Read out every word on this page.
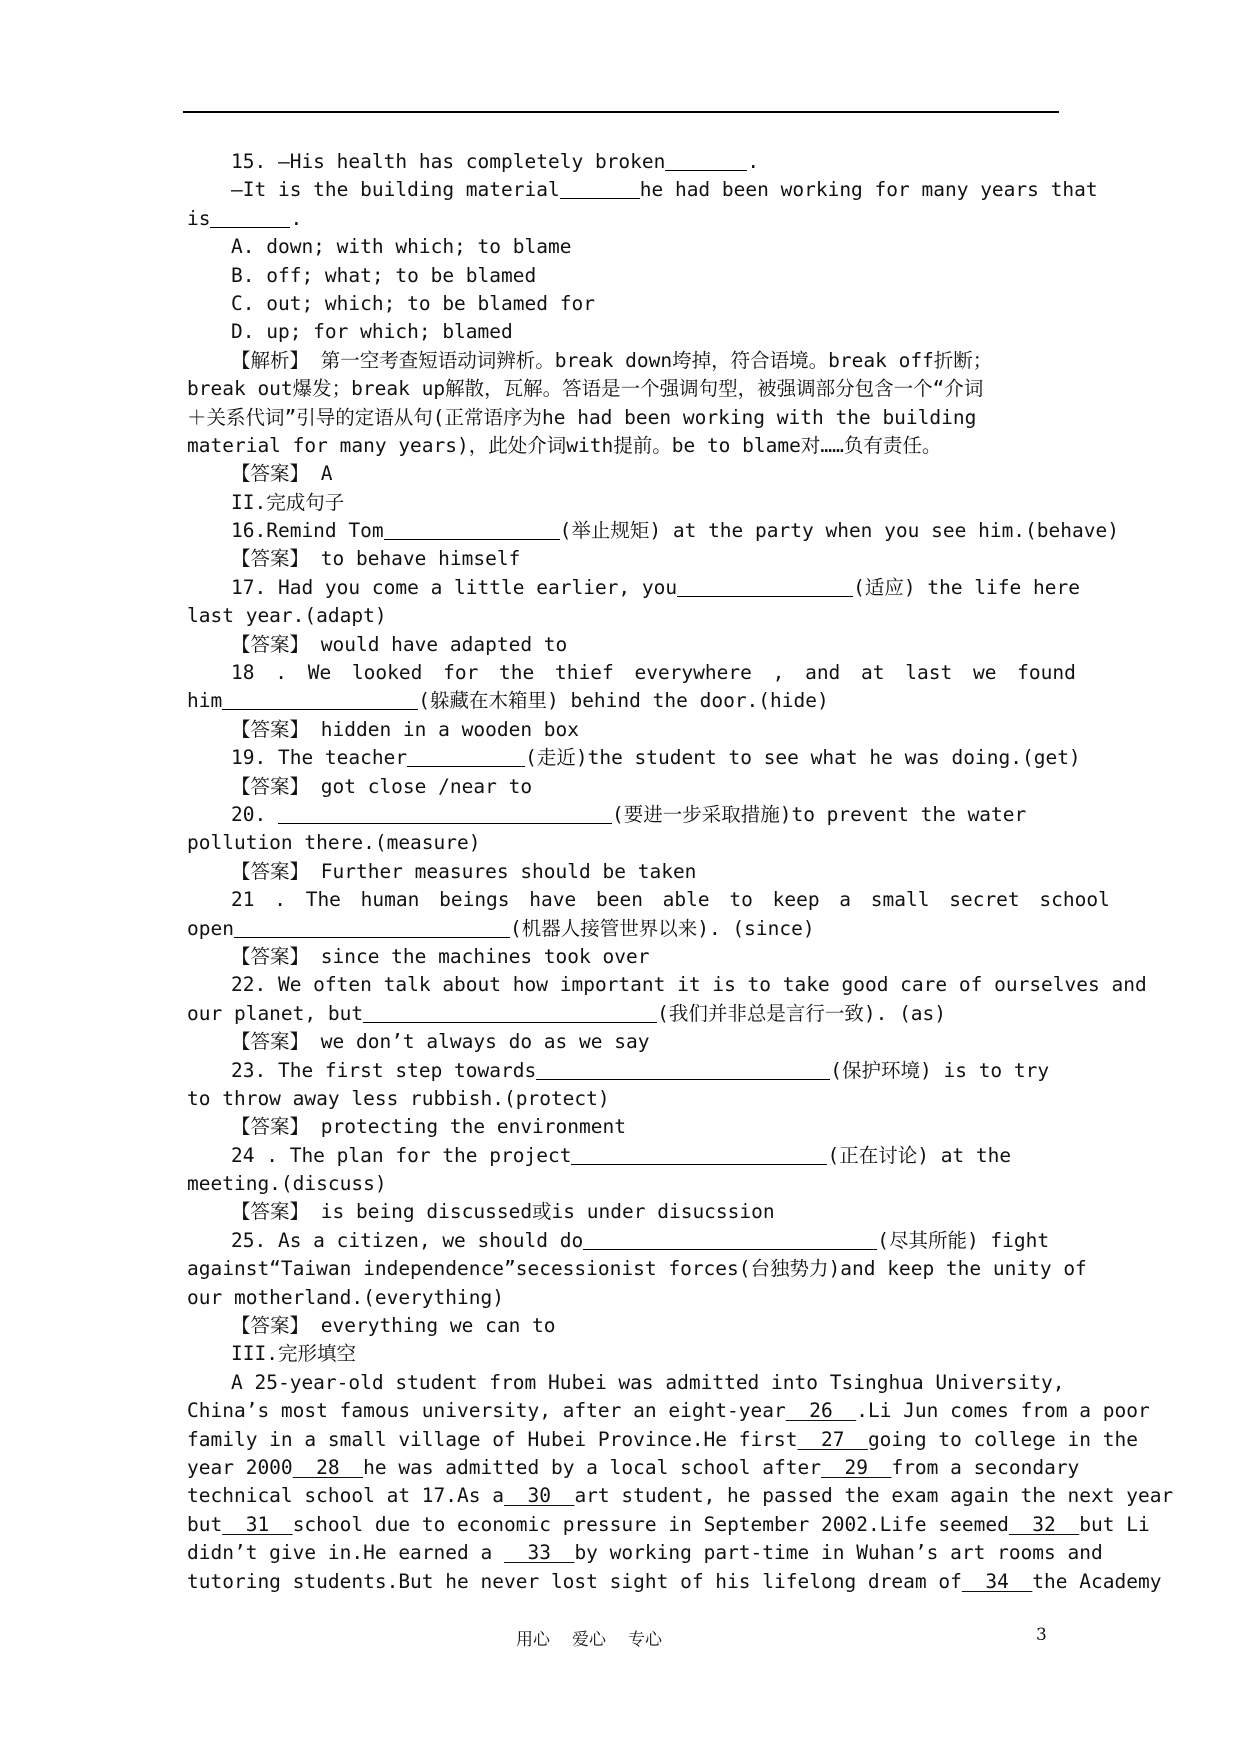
15. —His health has completely broken	.
—It is the building material	he had been working for many years that
is	.
A. down; with which; to blame
B. off; what; to be blamed
C. out; which; to be blamed for
D. up; for which; blamed
【解析】 第一空考查短语动词辨析。break down垮掉，符合语境。break off折断；
break out爆发；break up解散，瓦解。答语是一个强调句型，被强调部分包含一个“介词
＋关系代词”引导的定语从句(正常语序为he had been working with the building
material for many years)，此处介词with提前。be to blame对……负有责任。
【答案】 A
II.完成句子
16.Remind Tom	(举止规矩) at the party when you see him.(behave)
【答案】 to behave himself
17. Had you come a little earlier, you	(适应) the life here
last year.(adapt)
【答案】 would have adapted to
18 . We looked for the thief everywhere , and at last we found
him	(躲藏在木箱里) behind the door.(hide)
【答案】 hidden in a wooden box
19. The teacher	(走近)the student to see what he was doing.(get)
【答案】 got close /near to
20.	(要进一步采取措施)to prevent the water
pollution there.(measure)
【答案】 Further measures should be taken
21 . The human beings have been able to keep a small secret school
open	(机器人接管世界以来). (since)
【答案】 since the machines took over
22. We often talk about how important it is to take good care of ourselves and
our planet, but	(我们并非总是言行一致). (as)
【答案】 we don’t always do as we say
23. The first step towards	(保护环境) is to try
to throw away less rubbish.(protect)
【答案】 protecting the environment
24 . The plan for the project	(正在讨论) at the
meeting.(discuss)
【答案】 is being discussed或is under disucssion
25. As a citizen, we should do	(尽其所能) fight
against“Taiwan independence”secessionist forces(台独势力)and keep the unity of
our motherland.(everything)
【答案】 everything we can to
III.完形填空
A 25-year-old student from Hubei was admitted into Tsinghua University,
China’s most famous university, after an eight-year  26  .Li Jun comes from a poor
family in a small village of Hubei Province.He first  27  going to college in the
year 2000  28  he was admitted by a local school after  29  from a secondary
technical school at 17.As a  30  art student, he passed the exam again the next year
but  31  school due to economic pressure in September 2002.Life seemed  32  but Li
didn’t give in.He earned a   33  by working part-time in Wuhan’s art rooms and
tutoring students.But he never lost sight of his lifelong dream of  34  the Academy
用心 爱心 专心	3
